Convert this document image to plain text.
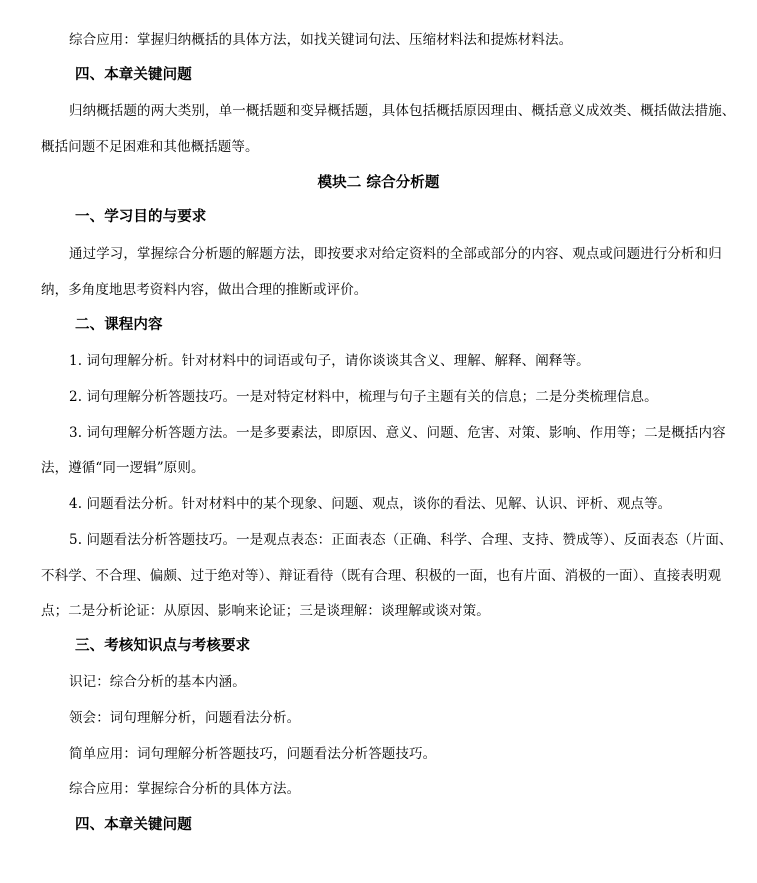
综合应用：掌握归纳概括的具体方法，如找关键词句法、压缩材料法和提炼材料法。
四、本章关键问题
归纳概括题的两大类别，单一概括题和变异概括题，具体包括概括原因理由、概括意义成效类、概括做法措施、
概括问题不足困难和其他概括题等。
模块二 综合分析题
一、学习目的与要求
通过学习，掌握综合分析题的解题方法，即按要求对给定资料的全部或部分的内容、观点或问题进行分析和归
纳，多角度地思考资料内容，做出合理的推断或评价。
二、课程内容
1. 词句理解分析。针对材料中的词语或句子，请你谈谈其含义、理解、解释、阐释等。
2. 词句理解分析答题技巧。一是对特定材料中，梳理与句子主题有关的信息；二是分类梳理信息。
3. 词句理解分析答题方法。一是多要素法，即原因、意义、问题、危害、对策、影响、作用等；二是概括内容
法，遵循“同一逻辑”原则。
4. 问题看法分析。针对材料中的某个现象、问题、观点，谈你的看法、见解、认识、评析、观点等。
5. 问题看法分析答题技巧。一是观点表态：正面表态（正确、科学、合理、支持、赞成等）、反面表态（片面、
不科学、不合理、偏颇、过于绝对等）、辩证看待（既有合理、积极的一面，也有片面、消极的一面）、直接表明观
点；二是分析论证：从原因、影响来论证；三是谈理解：谈理解或谈对策。
三、考核知识点与考核要求
识记：综合分析的基本内涵。
领会：词句理解分析，问题看法分析。
简单应用：词句理解分析答题技巧，问题看法分析答题技巧。
综合应用：掌握综合分析的具体方法。
四、本章关键问题
